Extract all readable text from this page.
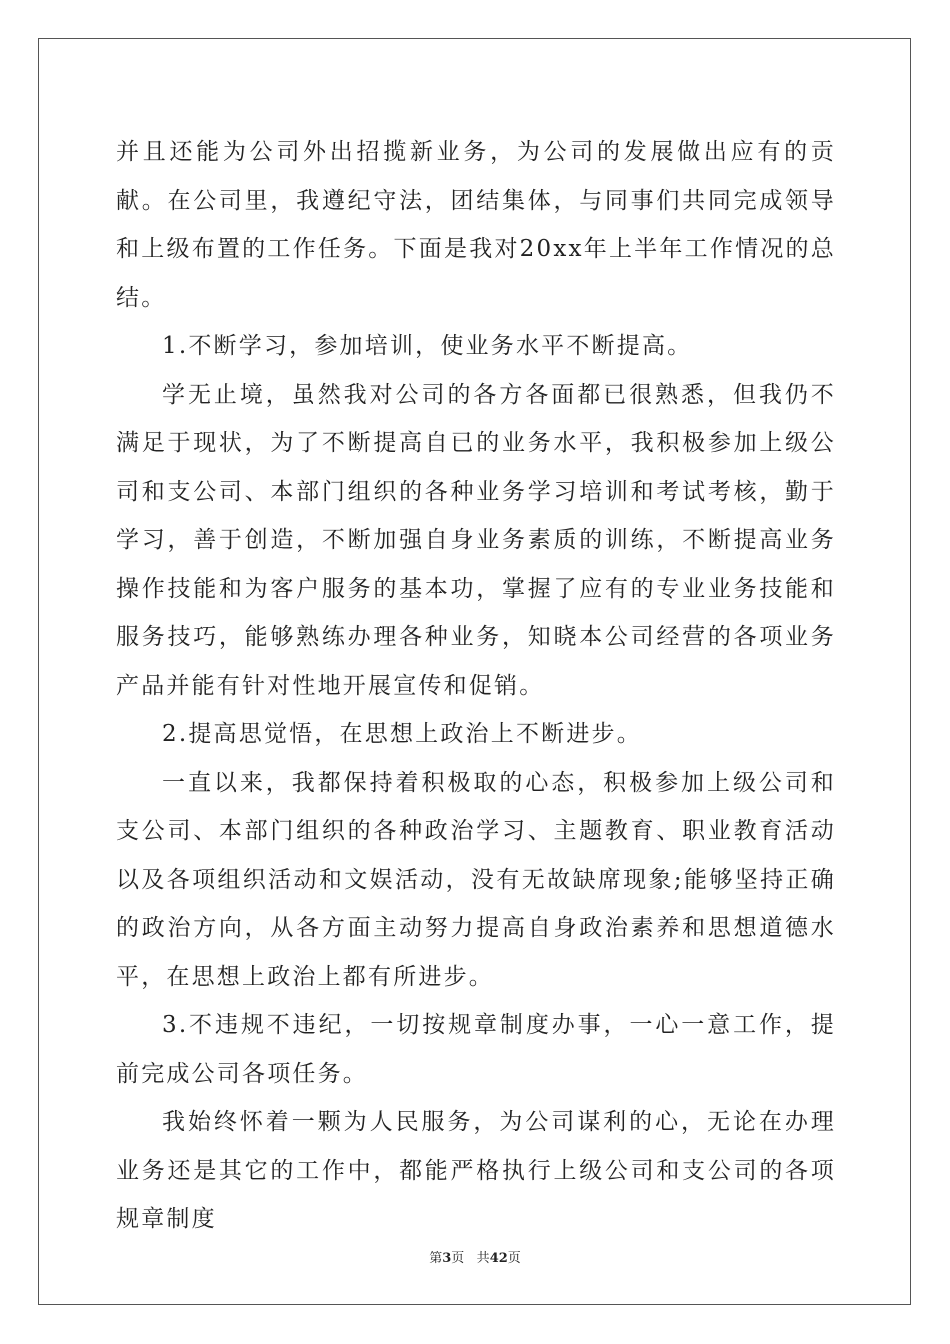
并且还能为公司外出招揽新业务，为公司的发展做出应有的贡献。在公司里，我遵纪守法，团结集体，与同事们共同完成领导和上级布置的工作任务。下面是我对20xx年上半年工作情况的总结。

1.不断学习，参加培训，使业务水平不断提高。

学无止境，虽然我对公司的各方各面都已很熟悉，但我仍不满足于现状，为了不断提高自已的业务水平，我积极参加上级公司和支公司、本部门组织的各种业务学习培训和考试考核，勤于学习，善于创造，不断加强自身业务素质的训练，不断提高业务操作技能和为客户服务的基本功，掌握了应有的专业业务技能和服务技巧，能够熟练办理各种业务，知晓本公司经营的各项业务产品并能有针对性地开展宣传和促销。

2.提高思觉悟，在思想上政治上不断进步。

一直以来，我都保持着积极取的心态，积极参加上级公司和支公司、本部门组织的各种政治学习、主题教育、职业教育活动以及各项组织活动和文娱活动，没有无故缺席现象;能够坚持正确的政治方向，从各方面主动努力提高自身政治素养和思想道德水平，在思想上政治上都有所进步。

3.不违规不违纪，一切按规章制度办事，一心一意工作，提前完成公司各项任务。

我始终怀着一颗为人民服务，为公司谋利的心，无论在办理业务还是其它的工作中，都能严格执行上级公司和支公司的各项规章制度

第3页 共42页
